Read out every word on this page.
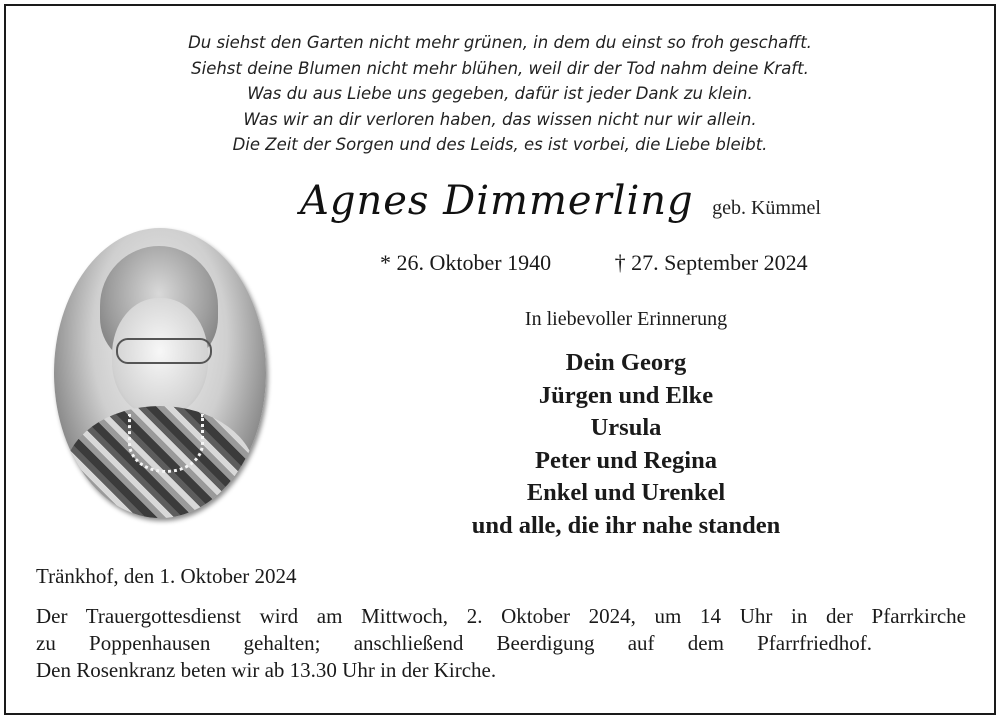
Du siehst den Garten nicht mehr grünen, in dem du einst so froh geschafft.
Siehst deine Blumen nicht mehr blühen, weil dir der Tod nahm deine Kraft.
Was du aus Liebe uns gegeben, dafür ist jeder Dank zu klein.
Was wir an dir verloren haben, das wissen nicht nur wir allein.
Die Zeit der Sorgen und des Leids, es ist vorbei, die Liebe bleibt.
Agnes Dimmerling geb. Kümmel
* 26. Oktober 1940	† 27. September 2024
In liebevoller Erinnerung
Dein Georg
Jürgen und Elke
Ursula
Peter und Regina
Enkel und Urenkel
und alle, die ihr nahe standen
Tränkhof, den 1. Oktober 2024
Der Trauergottesdienst wird am Mittwoch, 2. Oktober 2024, um 14 Uhr in der Pfarrkirche
zu Poppenhausen gehalten; anschließend Beerdigung auf dem Pfarrfriedhof.
Den Rosenkranz beten wir ab 13.30 Uhr in der Kirche.
